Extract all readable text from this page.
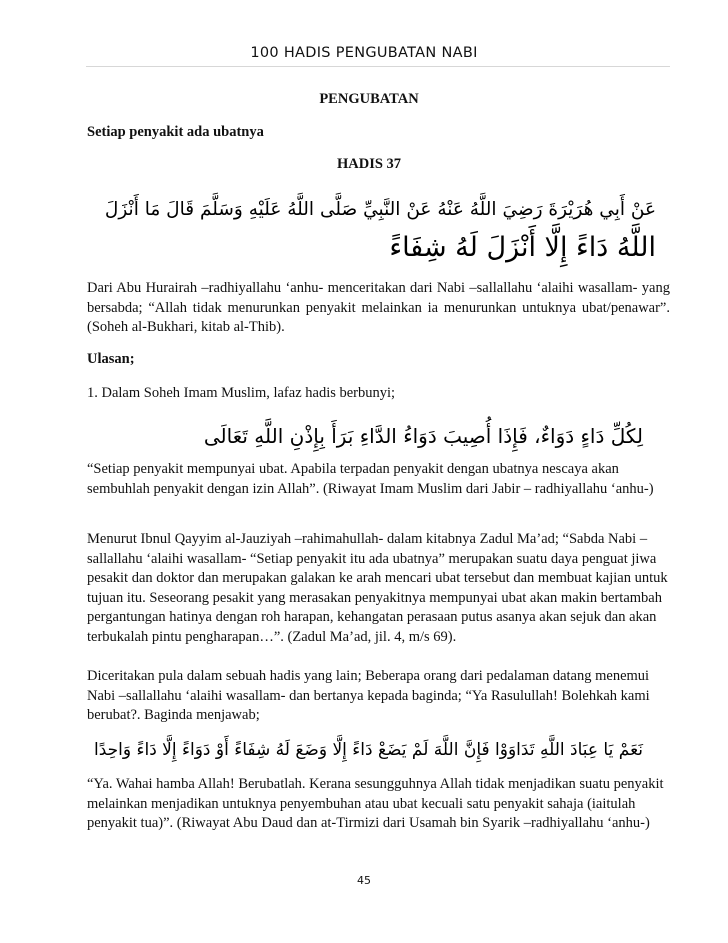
100 HADIS PENGUBATAN NABI
PENGUBATAN
Setiap penyakit ada ubatnya
HADIS 37
عَنْ أَبِي هُرَيْرَةَ رَضِيَ اللَّهُ عَنْهُ عَنْ النَّبِيِّ صَلَّى اللَّهُ عَلَيْهِ وَسَلَّمَ قَالَ مَا أَنْزَلَ
اللَّهُ دَاءً إِلَّا أَنْزَلَ لَهُ شِفَاءً

Dari Abu Hurairah –radhiyallahu ‘anhu- menceritakan dari Nabi –sallallahu ‘alaihi wasallam- yang bersabda; “Allah tidak menurunkan penyakit melainkan ia menurunkan untuknya ubat/penawar”. (Soheh al-Bukhari, kitab al-Thib).

Ulasan;
1. Dalam Soheh Imam Muslim, lafaz hadis berbunyi;
لِكُلِّ دَاءٍ دَوَاءٌ، فَإِذَا أُصِيبَ دَوَاءُ الدَّاءِ بَرَأَ بِإِذْنِ اللَّهِ تَعَالَى

“Setiap penyakit mempunyai ubat. Apabila terpadan penyakit dengan ubatnya nescaya akan sembuhlah penyakit dengan izin Allah”. (Riwayat Imam Muslim dari Jabir – radhiyallahu ‘anhu-)

Menurut Ibnul Qayyim al-Jauziyah –rahimahullah- dalam kitabnya Zadul Ma’ad; “Sabda Nabi –sallallahu ‘alaihi wasallam- “Setiap penyakit itu ada ubatnya” merupakan suatu daya penguat jiwa pesakit dan doktor dan merupakan galakan ke arah mencari ubat tersebut dan membuat kajian untuk tujuan itu. Seseorang pesakit yang merasakan penyakitnya mempunyai ubat akan makin bertambah pergantungan hatinya dengan roh harapan, kehangatan perasaan putus asanya akan sejuk dan akan terbukalah pintu pengharapan…”. (Zadul Ma’ad, jil. 4, m/s 69).

Diceritakan pula dalam sebuah hadis yang lain; Beberapa orang dari pedalaman datang menemui Nabi –sallallahu ‘alaihi wasallam- dan bertanya kepada baginda; “Ya Rasulullah! Bolehkah kami berubat?. Baginda menjawab;

نَعَمْ يَا عِبَادَ اللَّهِ تَدَاوَوْا فَإِنَّ اللَّهَ لَمْ يَضَعْ دَاءً إِلَّا وَضَعَ لَهُ شِفَاءً أَوْ دَوَاءً إِلَّا دَاءً وَاحِدًا

“Ya. Wahai hamba Allah! Berubatlah. Kerana sesungguhnya Allah tidak menjadikan suatu penyakit melainkan menjadikan untuknya penyembuhan atau ubat kecuali satu penyakit sahaja (iaitulah penyakit tua)”. (Riwayat Abu Daud dan at-Tirmizi dari Usamah bin Syarik –radhiyallahu ‘anhu-)

45
